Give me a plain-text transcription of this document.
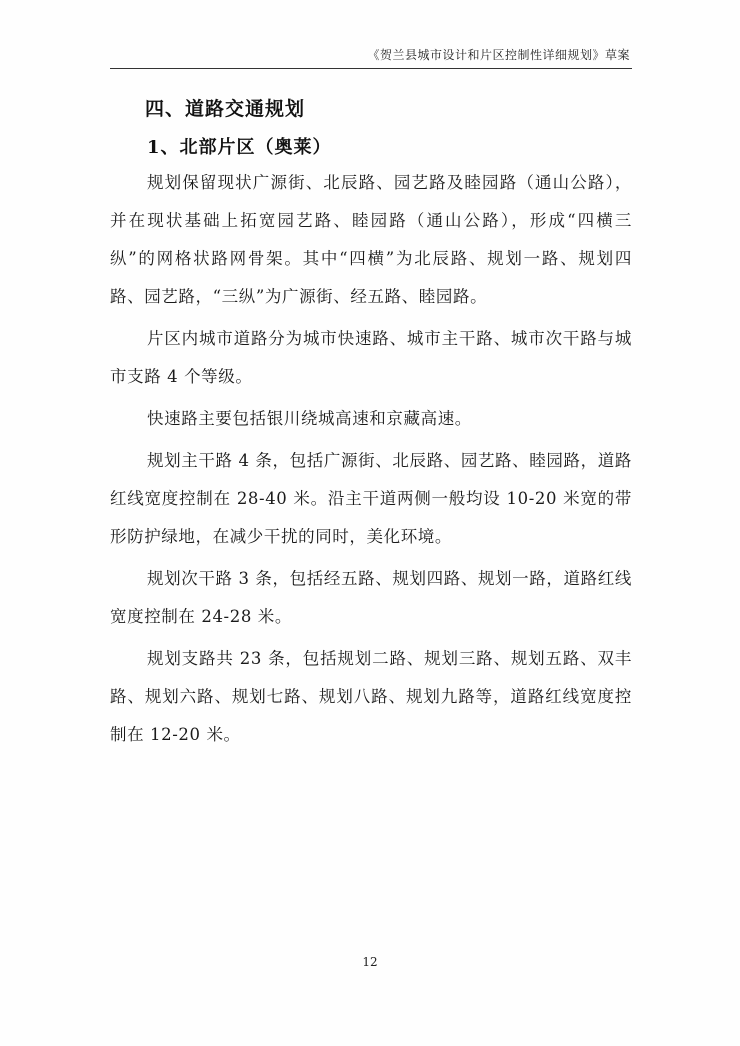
《贺兰县城市设计和片区控制性详细规划》草案
四、道路交通规划
1、北部片区（奥莱）

规划保留现状广源街、北辰路、园艺路及睦园路（通山公路），并在现状基础上拓宽园艺路、睦园路（通山公路），形成“四横三纵”的网格状路网骨架。其中“四横”为北辰路、规划一路、规划四路、园艺路，“三纵”为广源街、经五路、睦园路。

片区内城市道路分为城市快速路、城市主干路、城市次干路与城市支路 4 个等级。

快速路主要包括银川绕城高速和京藏高速。

规划主干路 4 条，包括广源街、北辰路、园艺路、睦园路，道路红线宽度控制在 28-40 米。沿主干道两侧一般均设 10-20 米宽的带形防护绿地，在减少干扰的同时，美化环境。

规划次干路 3 条，包括经五路、规划四路、规划一路，道路红线宽度控制在 24-28 米。

规划支路共 23 条，包括规划二路、规划三路、规划五路、双丰路、规划六路、规划七路、规划八路、规划九路等，道路红线宽度控制在 12-20 米。

12
